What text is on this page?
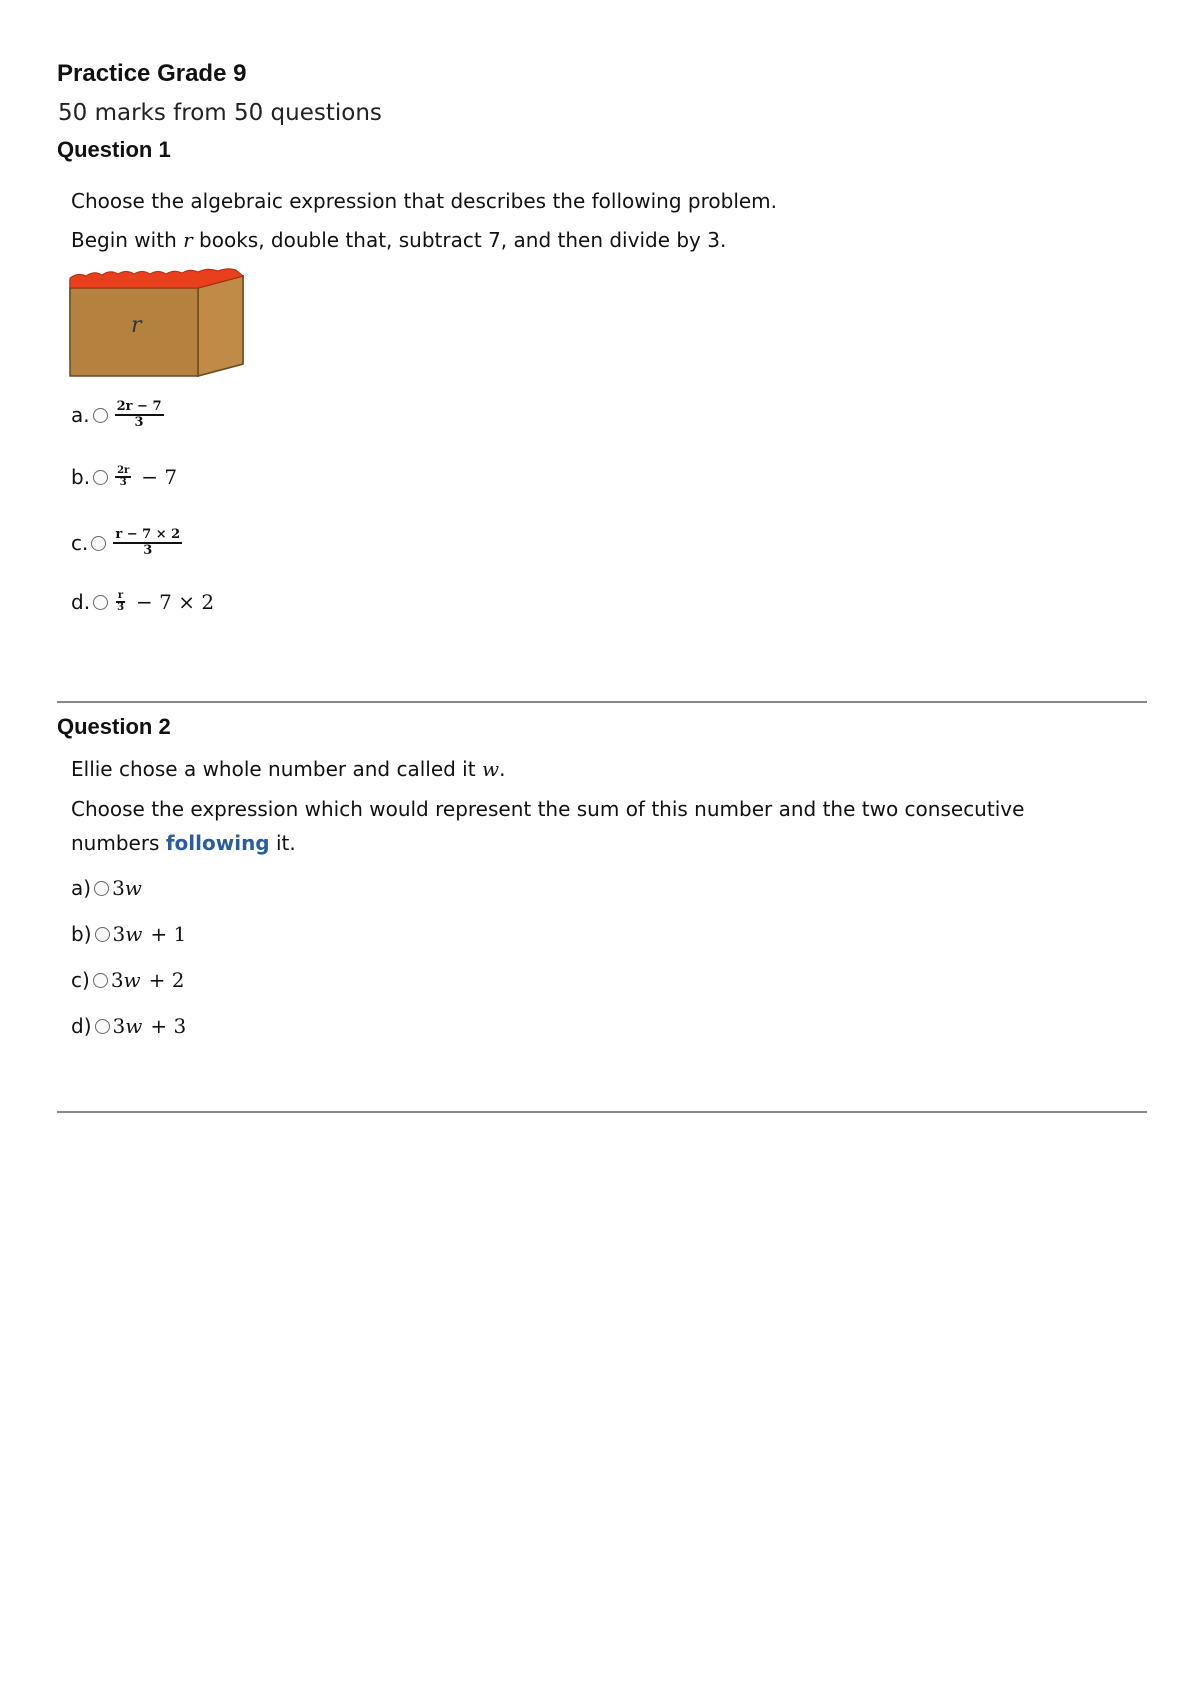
Practice Grade 9
50 marks from 50 questions
Question 1
Choose the algebraic expression that describes the following problem.
Begin with r books, double that, subtract 7, and then divide by 3.
r
a. $\frac{2r - 7}{3}$
b.	$\frac{2r}{3} - 7$
c. $\frac{r - 7 \times 2}{3}$
d.	$\frac{r}{3} - 7 \times 2$
Question 2
Ellie chose a whole number and called it w.
Choose the expression which would represent the sum of this number and the two consecutive
numbers following it.
a) 3 w
b) 3 w + 1
c) 3 w + 2
d) 3 w + 3
